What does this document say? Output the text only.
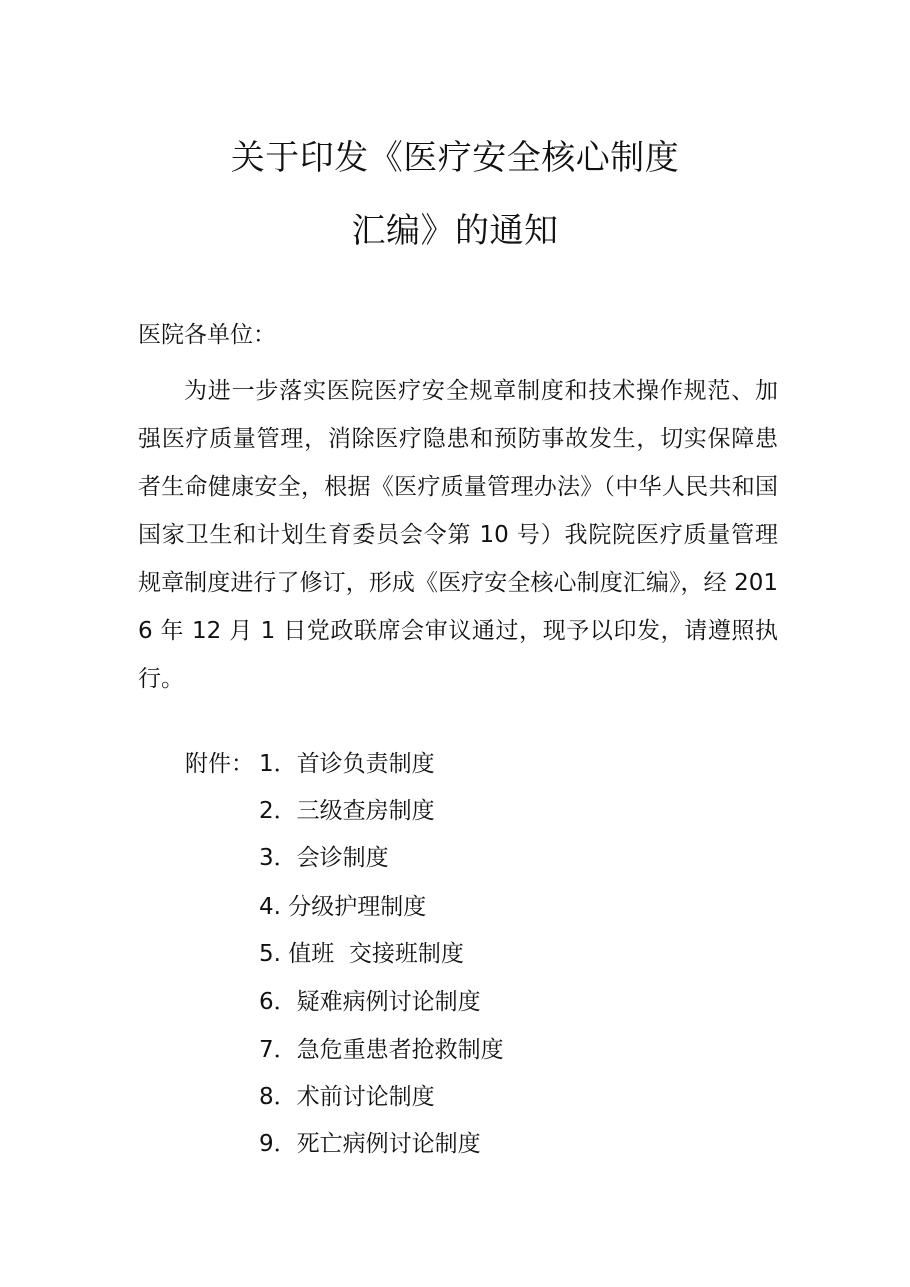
关于印发《医疗安全核心制度
汇编》的通知
医院各单位：
为进一步落实医院医疗安全规章制度和技术操作规范、加强医疗质量管理，消除医疗隐患和预防事故发生，切实保障患者生命健康安全，根据《医疗质量管理办法》（中华人民共和国国家卫生和计划生育委员会令第 10 号）我院院医疗质量管理规章制度进行了修订，形成《医疗安全核心制度汇编》，经 2016 年 12 月 1 日党政联席会审议通过，现予以印发，请遵照执行。
附件： 1．首诊负责制度
2．三级查房制度
3．会诊制度
4. 分级护理制度
5. 值班  交接班制度
6．疑难病例讨论制度
7．急危重患者抢救制度
8．术前讨论制度
9．死亡病例讨论制度
